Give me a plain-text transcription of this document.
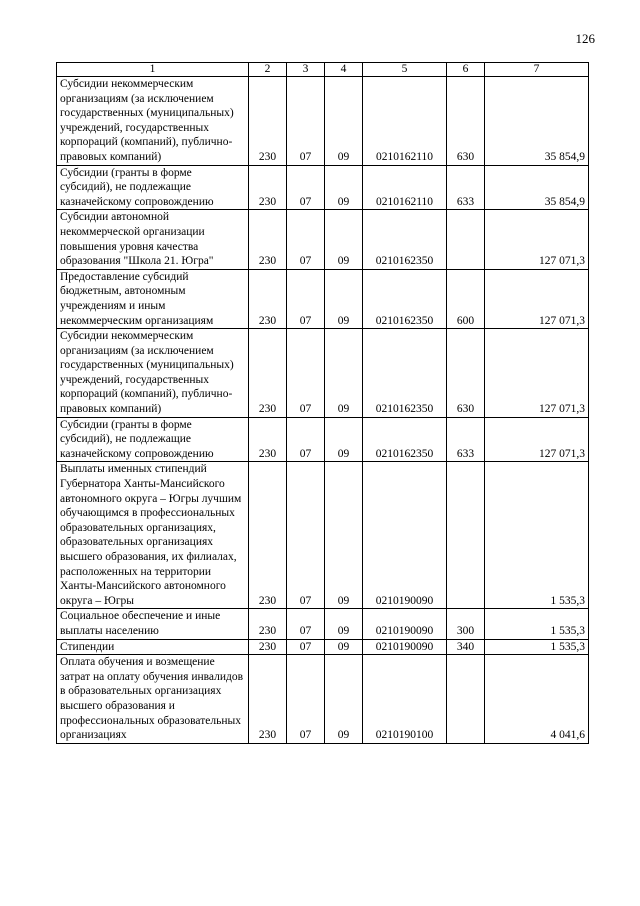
126
1	2	3	4	5	6	7
Субсидии некоммерческим организациям (за исключением государственных (муниципальных) учреждений, государственных корпораций (компаний), публично-правовых компаний)	230	07	09	0210162110	630	35 854,9
Субсидии (гранты в форме субсидий), не подлежащие казначейскому сопровождению	230	07	09	0210162110	633	35 854,9
Субсидии автономной некоммерческой организации повышения уровня качества образования "Школа 21. Югра"	230	07	09	0210162350		127 071,3
Предоставление субсидий бюджетным, автономным учреждениям и иным некоммерческим организациям	230	07	09	0210162350	600	127 071,3
Субсидии некоммерческим организациям (за исключением государственных (муниципальных) учреждений, государственных корпораций (компаний), публично-правовых компаний)	230	07	09	0210162350	630	127 071,3
Субсидии (гранты в форме субсидий), не подлежащие казначейскому сопровождению	230	07	09	0210162350	633	127 071,3
Выплаты именных стипендий Губернатора Ханты-Мансийского автономного округа – Югры лучшим обучающимся в профессиональных образовательных организациях, образовательных организациях высшего образования, их филиалах, расположенных на территории Ханты-Мансийского автономного округа – Югры	230	07	09	0210190090		1 535,3
Социальное обеспечение и иные выплаты населению	230	07	09	0210190090	300	1 535,3
Стипендии	230	07	09	0210190090	340	1 535,3
Оплата обучения и возмещение затрат на оплату обучения инвалидов в образовательных организациях высшего образования и профессиональных образовательных организациях	230	07	09	0210190100		4 041,6
